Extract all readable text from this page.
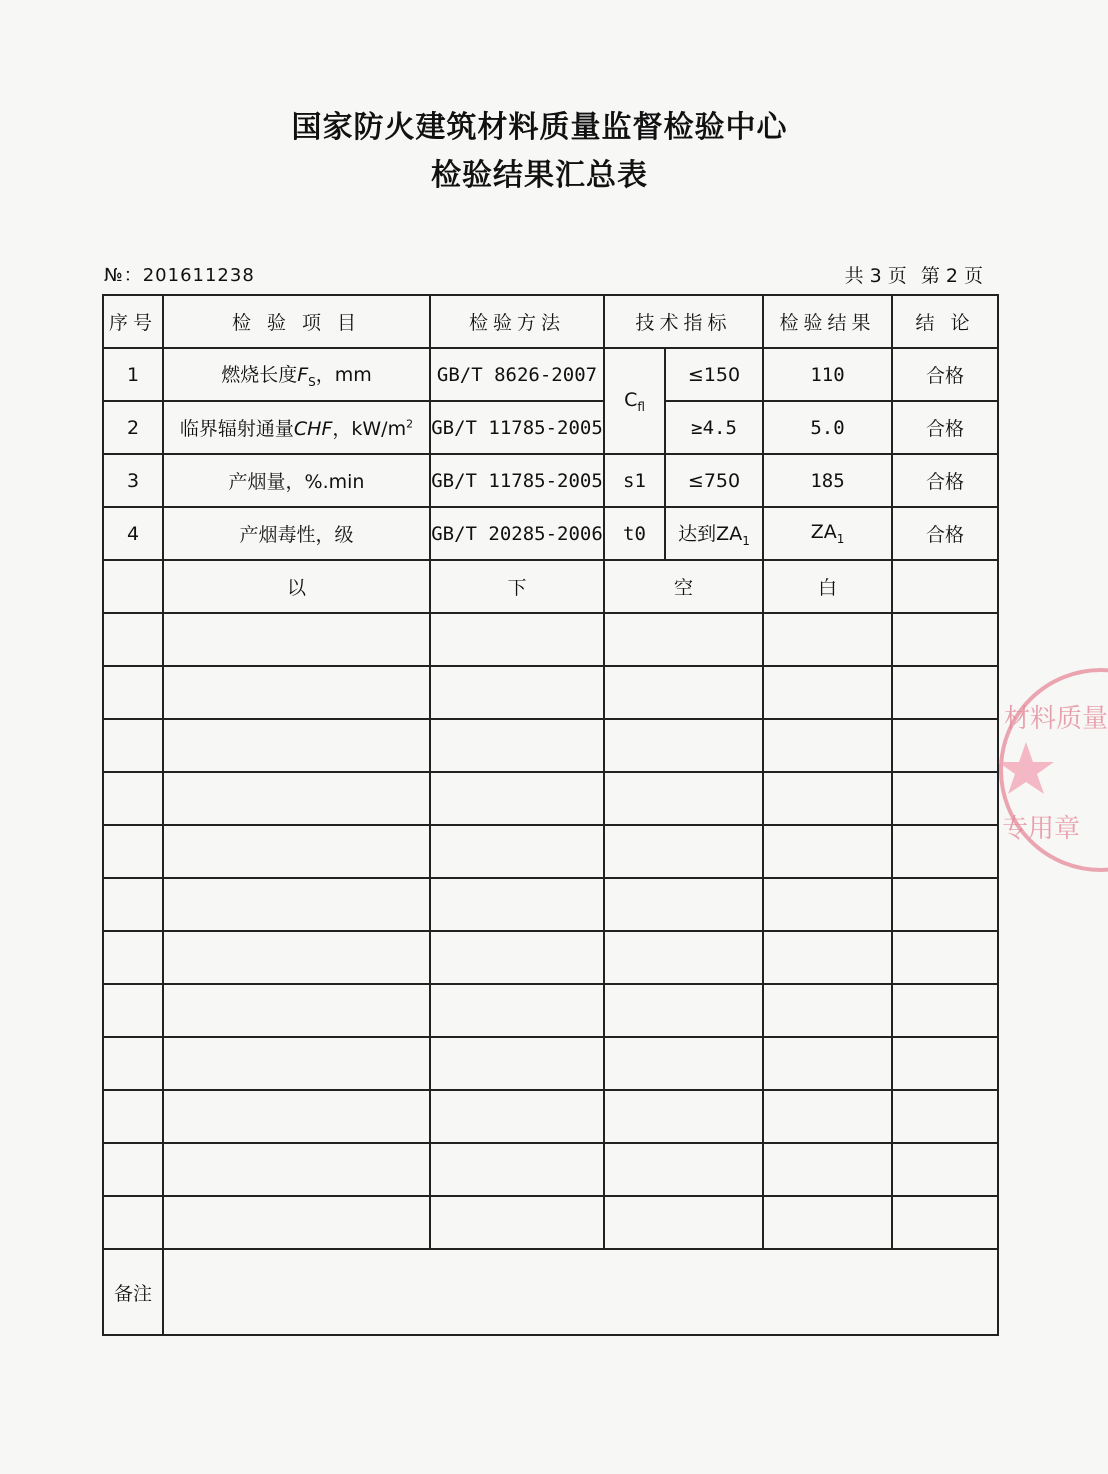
国家防火建筑材料质量监督检验中心
检验结果汇总表
№：201611238	共 3 页 第 2 页
序号	检 验 项 目	检验方法	技术指标		检验结果	结 论
1	燃烧长度$F_S$，mm	GB/T 8626-2007	$C_{fl}$	≤150	110	合格
2	临界辐射通量CHF，$kW/m^2$	GB/T 11785-2005		≥4.5	5.0	合格
3	产烟量，%.min	GB/T 11785-2005	s1	≤750	185	合格
4	产烟毒性，级	GB/T 20285-2006	t0	达到$ZA_1$	$ZA_1$	合格
	以	下	空		白	

备注						
材料质量
专用章
